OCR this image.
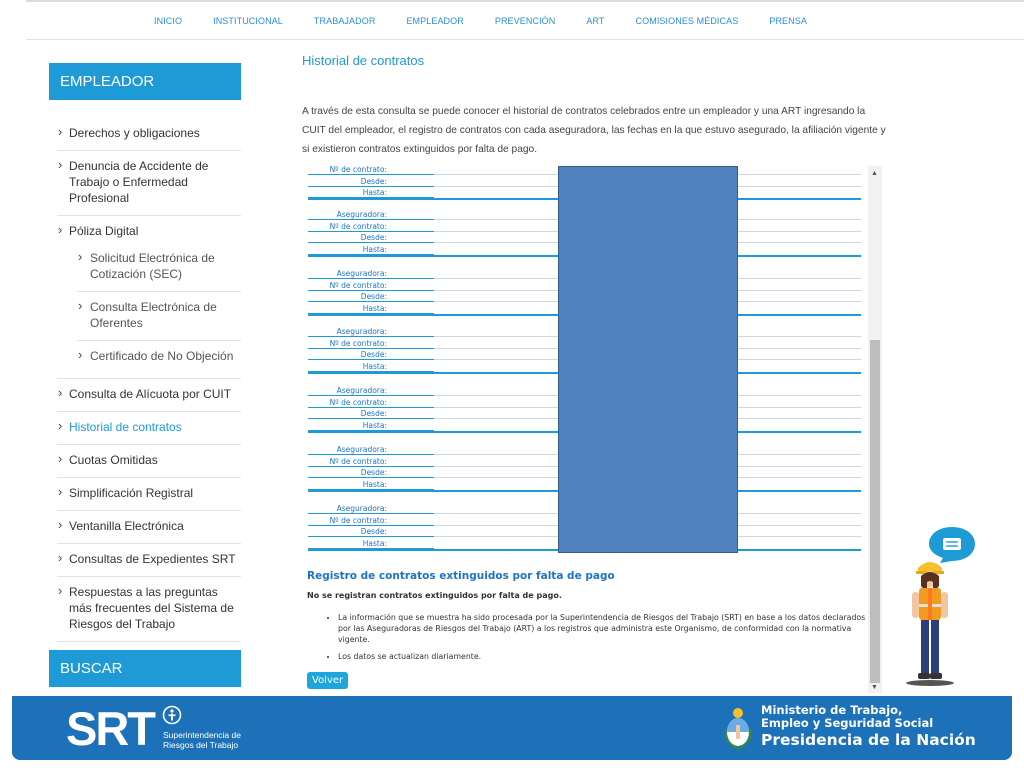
INICIO	INSTITUCIONAL	TRABAJADOR	EMPLEADOR	PREVENCIÓN	ART	COMISIONES MÉDICAS	PRENSA
EMPLEADOR
› Derechos y obligaciones
› Denuncia de Accidente de Trabajo o Enfermedad Profesional
› Póliza Digital
› Solicitud Electrónica de Cotización (SEC)
› Consulta Electrónica de Oferentes
› Certificado de No Objeción
› Consulta de Alícuota por CUIT
› Historial de contratos
› Cuotas Omitidas
› Simplificación Registral
› Ventanilla Electrónica
› Consultas de Expedientes SRT
› Respuestas a las preguntas más frecuentes del Sistema de Riesgos del Trabajo
BUSCAR
Historial de contratos
A través de esta consulta se puede conocer el historial de contratos celebrados entre un empleador y una ART ingresando la CUIT del empleador, el registro de contratos con cada aseguradora, las fechas en la que estuvo asegurado, la afiliación vigente y si existieron contratos extinguidos por falta de pago.
Nº de contrato:
Desde:
Hasta:
Aseguradora:
Nº de contrato:
Desde:
Hasta:
Aseguradora:
Nº de contrato:
Desde:
Hasta:
Aseguradora:
Nº de contrato:
Desde:
Hasta:
Aseguradora:
Nº de contrato:
Desde:
Hasta:
Aseguradora:
Nº de contrato:
Desde:
Hasta:
Aseguradora:
Nº de contrato:
Desde:
Hasta:
Registro de contratos extinguidos por falta de pago
No se registran contratos extinguidos por falta de pago.
• La información que se muestra ha sido procesada por la Superintendencia de Riesgos del Trabajo (SRT) en base a los datos declarados por las Aseguradoras de Riesgos del Trabajo (ART) a los registros que administra este Organismo, de conformidad con la normativa vigente.
• Los datos se actualizan diariamente.
Volver
▲
▼
SRT Superintendencia de
Riesgos del Trabajo
Ministerio de Trabajo,
Empleo y Seguridad Social
Presidencia de la Nación
